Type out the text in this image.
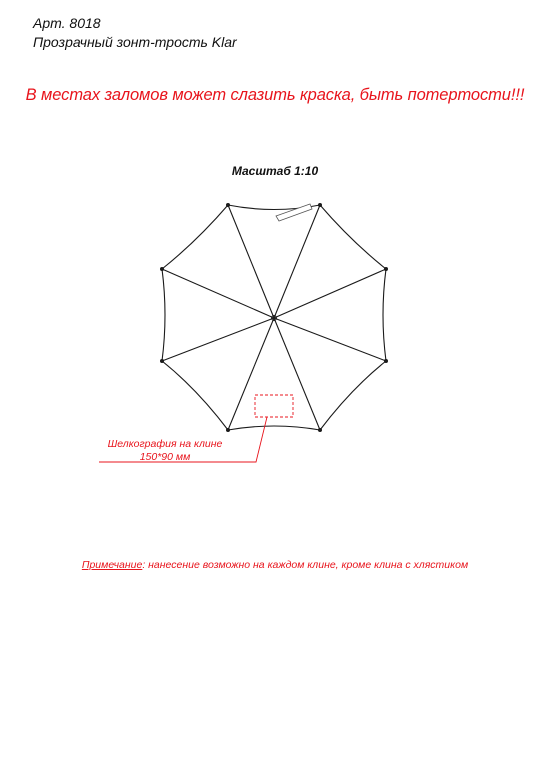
Арт. 8018
Прозрачный зонт-трость Klar
В местах заломов может слазить краска, быть потертости!!!
Масштаб 1:10
Шелкография на клине
150*90 мм
Примечание: нанесение возможно на каждом клине, кроме клина с хлястиком
